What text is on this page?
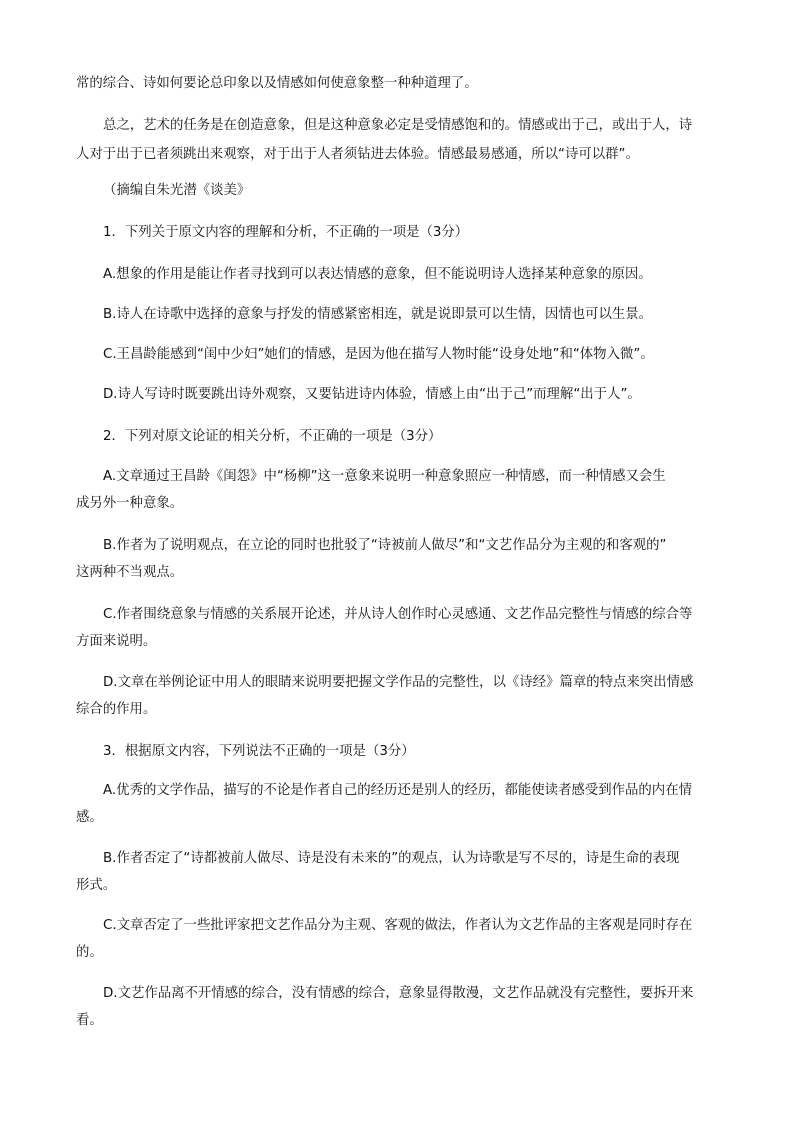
常的综合、诗如何要论总印象以及情感如何使意象整一种种道理了。
总之，艺术的任务是在创造意象，但是这种意象必定是受情感饱和的。情感或出于己，或出于人，诗
人对于出于已者须跳出来观察，对于出于人者须钻进去体验。情感最易感通，所以“诗可以群”。
（摘编自朱光潜《谈美》
1．下列关于原文内容的理解和分析，不正确的一项是（3分）
A.想象的作用是能让作者寻找到可以表达情感的意象，但不能说明诗人选择某种意象的原因。
B.诗人在诗歌中选择的意象与抒发的情感紧密相连，就是说即景可以生情，因情也可以生景。
C.王昌龄能感到“闺中少妇”她们的情感，是因为他在描写人物时能“设身处地”和“体物入微”。
D.诗人写诗时既要跳出诗外观察，又要钻进诗内体验，情感上由“出于己”而理解“出于人”。
2．下列对原文论证的相关分析，不正确的一项是（3分）
A.文章通过王昌龄《闺怨》中“杨柳”这一意象来说明一种意象照应一种情感，而一种情感又会生
成另外一种意象。
B.作者为了说明观点，在立论的同时也批驳了“诗被前人做尽”和“文艺作品分为主观的和客观的”
这两种不当观点。
C.作者围绕意象与情感的关系展开论述，并从诗人创作时心灵感通、文艺作品完整性与情感的综合等
方面来说明。
D.文章在举例论证中用人的眼睛来说明要把握文学作品的完整性，以《诗经》篇章的特点来突出情感
综合的作用。
3．根据原文内容，下列说法不正确的一项是（3分）
A.优秀的文学作品，描写的不论是作者自己的经历还是别人的经历，都能使读者感受到作品的内在情
感。
B.作者否定了“诗都被前人做尽、诗是没有未来的”的观点，认为诗歌是写不尽的，诗是生命的表现
形式。
C.文章否定了一些批评家把文艺作品分为主观、客观的做法，作者认为文艺作品的主客观是同时存在
的。
D.文艺作品离不开情感的综合，没有情感的综合，意象显得散漫，文艺作品就没有完整性，要拆开来
看。
